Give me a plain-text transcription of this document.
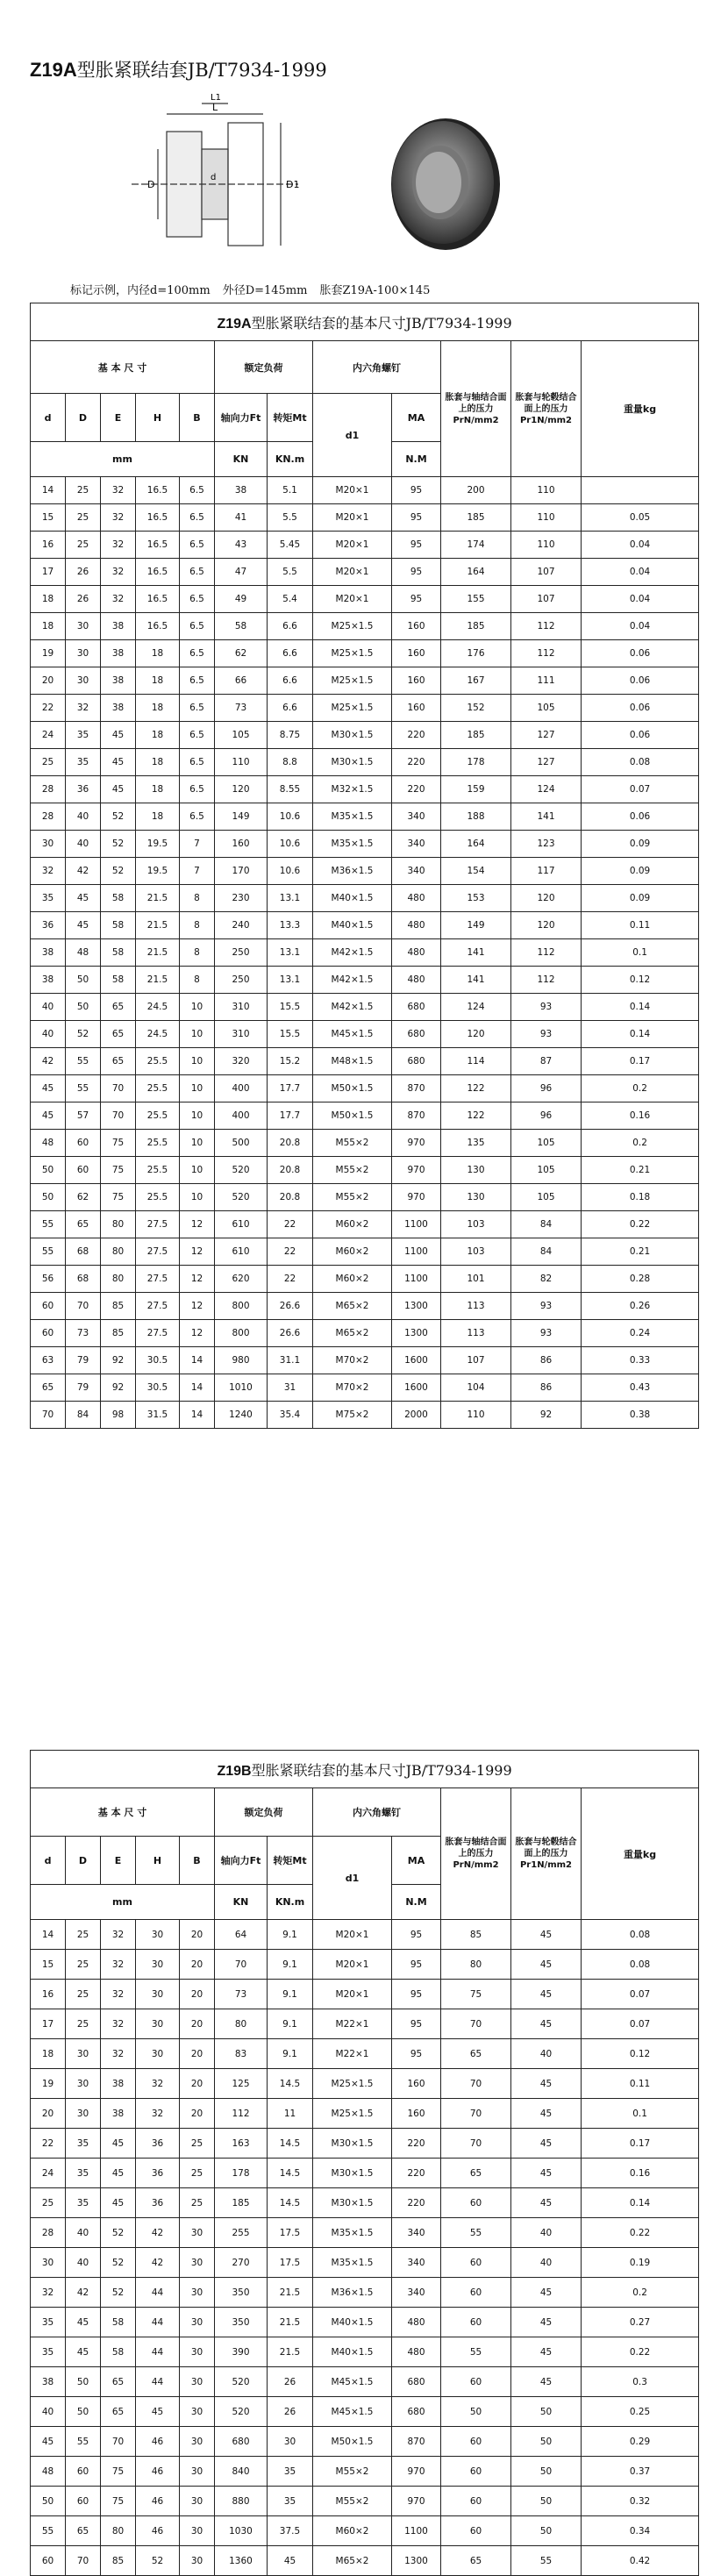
Z19A型胀紧联结套JB/T7934-1999
L
L1
D	D1
d
标记示例，内径d=100mm 外径D=145mm 胀套Z19A-100×145
Z19A型胀紧联结套的基本尺寸JB/T7934-1999											
基 本 尺 寸					额定负荷		内六角螺钉		胀套与轴结合面上的压力PrN/mm2	胀套与轮毂结合面上的压力Pr1N/mm2	重量kg
d	D	E	H	B	轴向力Ft	转矩Mt	d1	MA			
mm					KN	KN.m		N.M			
14	25	32	16.5	6.5	38	5.1	M20×1	95	200	110	
15	25	32	16.5	6.5	41	5.5	M20×1	95	185	110	0.05
16	25	32	16.5	6.5	43	5.45	M20×1	95	174	110	0.04
17	26	32	16.5	6.5	47	5.5	M20×1	95	164	107	0.04
18	26	32	16.5	6.5	49	5.4	M20×1	95	155	107	0.04
18	30	38	16.5	6.5	58	6.6	M25×1.5	160	185	112	0.04
19	30	38	18	6.5	62	6.6	M25×1.5	160	176	112	0.06
20	30	38	18	6.5	66	6.6	M25×1.5	160	167	111	0.06
22	32	38	18	6.5	73	6.6	M25×1.5	160	152	105	0.06
24	35	45	18	6.5	105	8.75	M30×1.5	220	185	127	0.06
25	35	45	18	6.5	110	8.8	M30×1.5	220	178	127	0.08
28	36	45	18	6.5	120	8.55	M32×1.5	220	159	124	0.07
28	40	52	18	6.5	149	10.6	M35×1.5	340	188	141	0.06
30	40	52	19.5	7	160	10.6	M35×1.5	340	164	123	0.09
32	42	52	19.5	7	170	10.6	M36×1.5	340	154	117	0.09
35	45	58	21.5	8	230	13.1	M40×1.5	480	153	120	0.09
36	45	58	21.5	8	240	13.3	M40×1.5	480	149	120	0.11
38	48	58	21.5	8	250	13.1	M42×1.5	480	141	112	0.1
38	50	58	21.5	8	250	13.1	M42×1.5	480	141	112	0.12
40	50	65	24.5	10	310	15.5	M42×1.5	680	124	93	0.14
40	52	65	24.5	10	310	15.5	M45×1.5	680	120	93	0.14
42	55	65	25.5	10	320	15.2	M48×1.5	680	114	87	0.17
45	55	70	25.5	10	400	17.7	M50×1.5	870	122	96	0.2
45	57	70	25.5	10	400	17.7	M50×1.5	870	122	96	0.16
48	60	75	25.5	10	500	20.8	M55×2	970	135	105	0.2
50	60	75	25.5	10	520	20.8	M55×2	970	130	105	0.21
50	62	75	25.5	10	520	20.8	M55×2	970	130	105	0.18
55	65	80	27.5	12	610	22	M60×2	1100	103	84	0.22
55	68	80	27.5	12	610	22	M60×2	1100	103	84	0.21
56	68	80	27.5	12	620	22	M60×2	1100	101	82	0.28
60	70	85	27.5	12	800	26.6	M65×2	1300	113	93	0.26
60	73	85	27.5	12	800	26.6	M65×2	1300	113	93	0.24
63	79	92	30.5	14	980	31.1	M70×2	1600	107	86	0.33
65	79	92	30.5	14	1010	31	M70×2	1600	104	86	0.43
70	84	98	31.5	14	1240	35.4	M75×2	2000	110	92	0.38
Z19B型胀紧联结套的基本尺寸JB/T7934-1999											
基 本 尺 寸					额定负荷		内六角螺钉		胀套与轴结合面上的压力PrN/mm2	胀套与轮毂结合面上的压力Pr1N/mm2	重量kg
d	D	E	H	B	轴向力Ft	转矩Mt	d1	MA			
mm					KN	KN.m		N.M			
14	25	32	30	20	64	9.1	M20×1	95	85	45	0.08
15	25	32	30	20	70	9.1	M20×1	95	80	45	0.08
16	25	32	30	20	73	9.1	M20×1	95	75	45	0.07
17	25	32	30	20	80	9.1	M22×1	95	70	45	0.07
18	30	32	30	20	83	9.1	M22×1	95	65	40	0.12
19	30	38	32	20	125	14.5	M25×1.5	160	70	45	0.11
20	30	38	32	20	112	11	M25×1.5	160	70	45	0.1
22	35	45	36	25	163	14.5	M30×1.5	220	70	45	0.17
24	35	45	36	25	178	14.5	M30×1.5	220	65	45	0.16
25	35	45	36	25	185	14.5	M30×1.5	220	60	45	0.14
28	40	52	42	30	255	17.5	M35×1.5	340	55	40	0.22
30	40	52	42	30	270	17.5	M35×1.5	340	60	40	0.19
32	42	52	44	30	350	21.5	M36×1.5	340	60	45	0.2
35	45	58	44	30	350	21.5	M40×1.5	480	60	45	0.27
35	45	58	44	30	390	21.5	M40×1.5	480	55	45	0.22
38	50	65	44	30	520	26	M45×1.5	680	60	45	0.3
40	50	65	45	30	520	26	M45×1.5	680	50	50	0.25
45	55	70	46	30	680	30	M50×1.5	870	60	50	0.29
48	60	75	46	30	840	35	M55×2	970	60	50	0.37
50	60	75	46	30	880	35	M55×2	970	60	50	0.32
55	65	80	46	30	1030	37.5	M60×2	1100	60	50	0.34
60	70	85	52	30	1360	45	M65×2	1300	65	55	0.42
